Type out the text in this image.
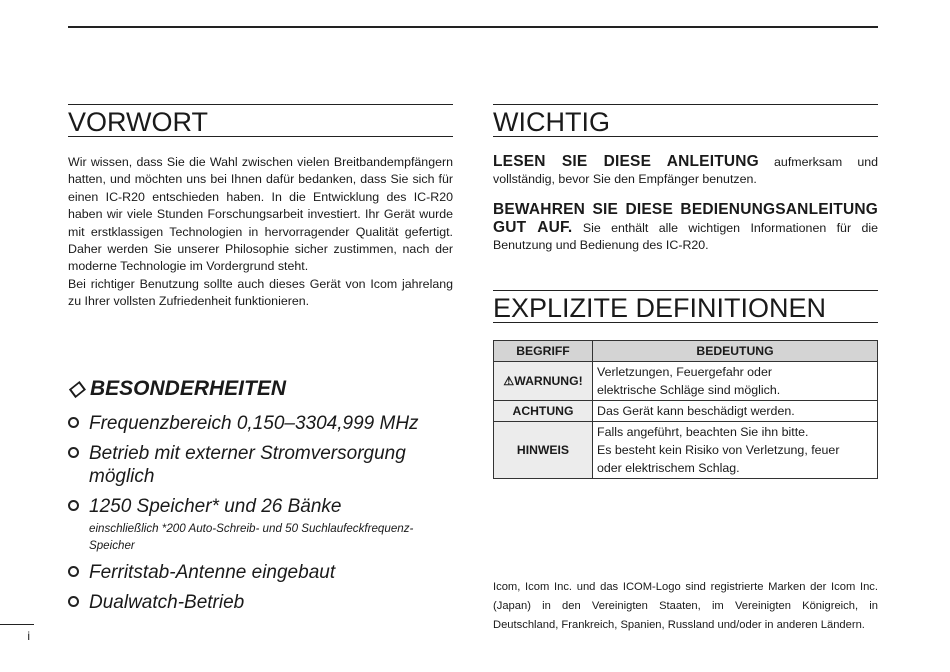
VORWORT

Wir wissen, dass Sie die Wahl zwischen vielen Breitbandempfängern hatten, und möchten uns bei Ihnen dafür bedanken, dass Sie sich für einen IC-R20 entschieden haben. In die Entwicklung des IC-R20 haben wir viele Stunden Forschungsarbeit investiert. Ihr Gerät wurde mit erstklassigen Technologien in hervorragender Qualität gefertigt. Daher werden Sie unserer Philosophie sicher zustimmen, nach der moderne Technologie im Vordergrund steht.

Bei richtiger Benutzung sollte auch dieses Gerät von Icom jahrelang zu Ihrer vollsten Zufriedenheit funktionieren.

◇ BESONDERHEITEN
Frequenzbereich 0,150–3304,999 MHz
Betrieb mit externer Stromversorgung möglich
1250 Speicher* und 26 Bänke
einschließlich *200 Auto-Schreib- und 50 Suchlaufeckfrequenz-Speicher
Ferritstab-Antenne eingebaut
Dualwatch-Betrieb
WICHTIG

LESEN SIE DIESE ANLEITUNG aufmerksam und vollständig, bevor Sie den Empfänger benutzen.

BEWAHREN SIE DIESE BEDIENUNGSANLEITUNG GUT AUF. Sie enthält alle wichtigen Informationen für die Benutzung und Bedienung des IC-R20.

EXPLIZITE DEFINITIONEN
BEGRIFF	BEDEUTUNG
⚠WARNUNG!	Verletzungen, Feuergefahr oder
elektrische Schläge sind möglich.

ACHTUNG	Das Gerät kann beschädigt werden.

HINWEIS	Falls angeführt, beachten Sie ihn bitte.
Es besteht kein Risiko von Verletzung, feuer
oder elektrischem Schlag.
Icom, Icom Inc. und das ICOM-Logo sind registrierte Marken der Icom Inc. (Japan) in den Vereinigten Staaten, im Vereinigten Königreich, in Deutschland, Frankreich, Spanien, Russland und/oder in anderen Ländern.
i
